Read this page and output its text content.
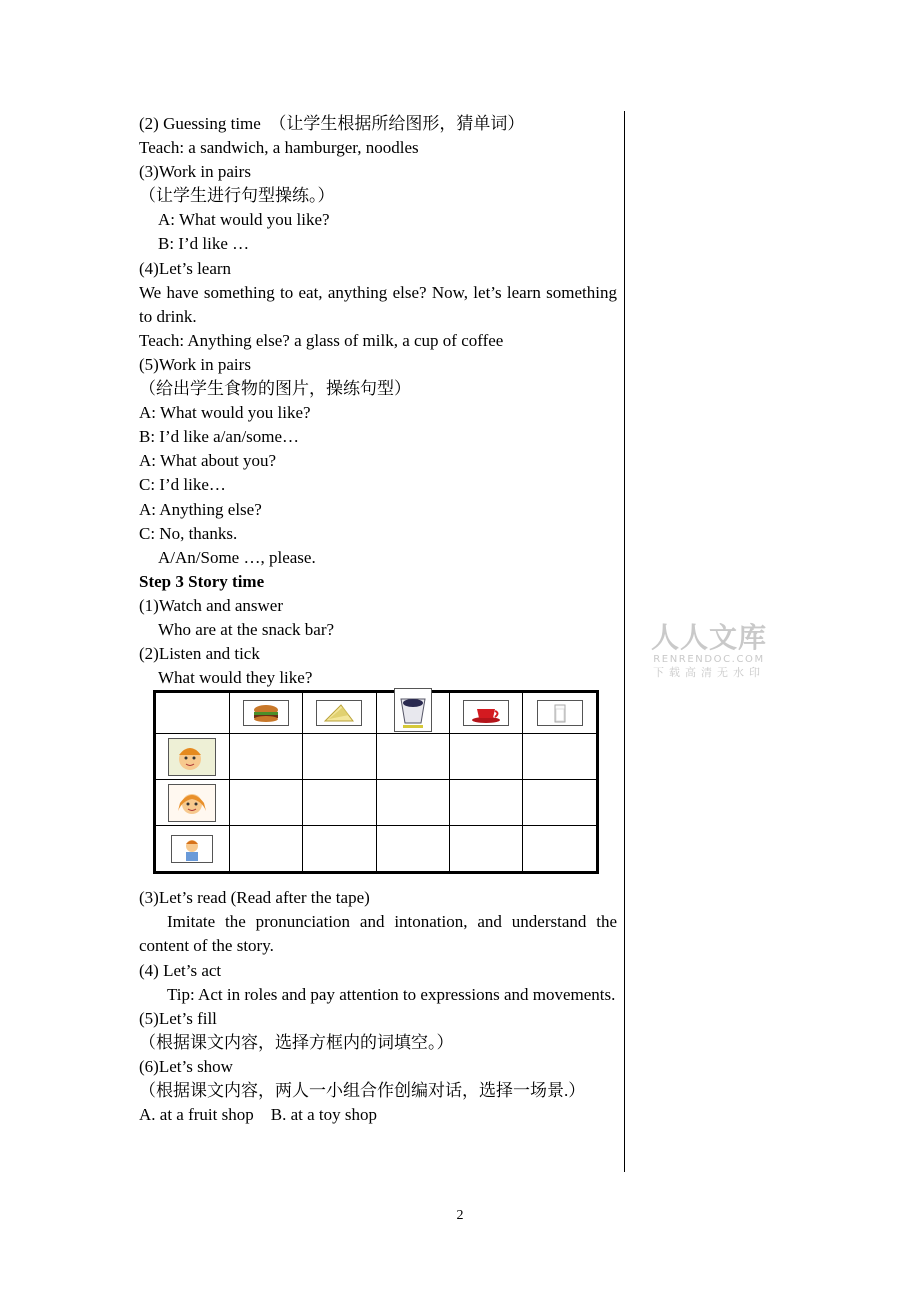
(2) Guessing time　（让学生根据所给图形，猜单词）

Teach: a sandwich, a hamburger, noodles

(3)Work in pairs

（让学生进行句型操练。）

A: What would you like?

B: I’d like …

(4)Let’s learn

We have something to eat, anything else? Now, let’s learn something to drink.

Teach: Anything else? a glass of milk, a cup of coffee

(5)Work in pairs

（给出学生食物的图片，操练句型）

A: What would you like?

B: I’d like a/an/some…

A: What about you?

C: I’d like…

A: Anything else?

C: No, thanks.

A/An/Some …, please.

Step 3 Story time

(1)Watch and answer

Who are at the snack bar?

(2)Listen and tick

What would they like?

(3)Let’s read (Read after the tape)

Imitate the pronunciation and intonation, and understand the content of the story.

(4) Let’s act

Tip: Act in roles and pay attention to expressions and movements.

(5)Let’s fill

（根据课文内容，选择方框内的词填空。）

(6)Let’s show

（根据课文内容，两人一小组合作创编对话，选择一场景.）

A. at a fruit shop　B. at a toy shop

人人文库
RENRENDOC.COM
下载高清无水印
2
